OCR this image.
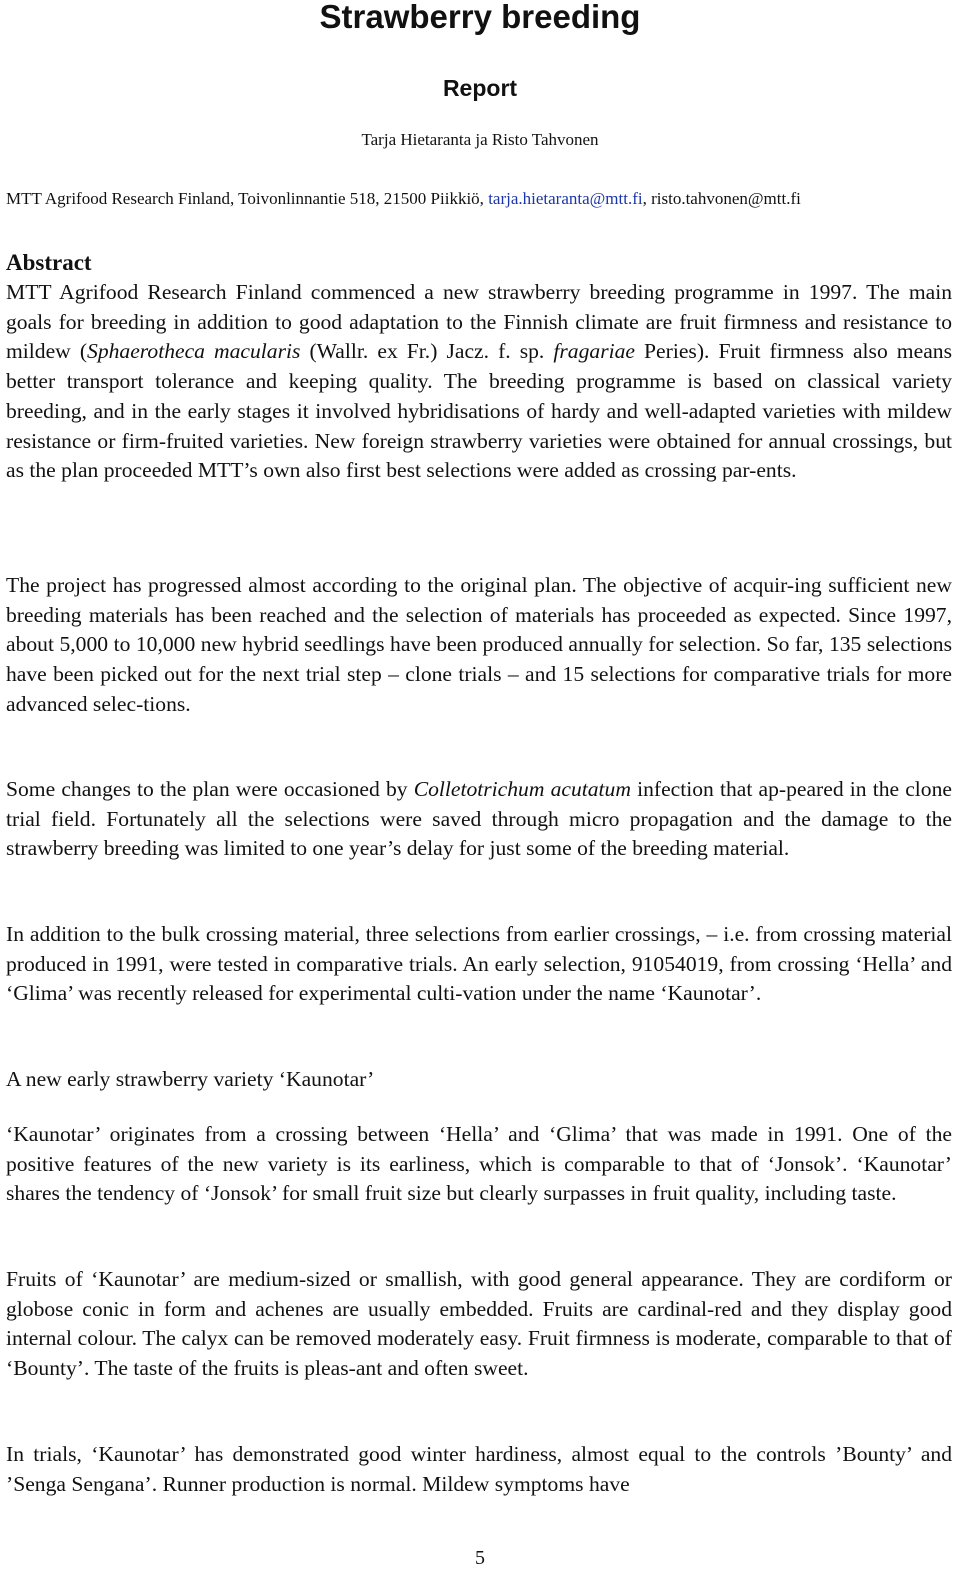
Strawberry breeding
Report
Tarja Hietaranta ja Risto Tahvonen
MTT Agrifood Research Finland, Toivonlinnantie 518, 21500 Piikkiö, tarja.hietaranta@mtt.fi, risto.tahvonen@mtt.fi
Abstract
MTT Agrifood Research Finland commenced a new strawberry breeding programme in 1997. The main goals for breeding in addition to good adaptation to the Finnish climate are fruit firmness and resistance to mildew (Sphaerotheca macularis (Wallr. ex Fr.) Jacz. f. sp. fragariae Peries). Fruit firmness also means better transport tolerance and keeping quality. The breeding programme is based on classical variety breeding, and in the early stages it involved hybridisations of hardy and well-adapted varieties with mildew resistance or firm-fruited varieties. New foreign strawberry varieties were obtained for annual crossings, but as the plan proceeded MTT’s own also first best selections were added as crossing par-ents.
The project has progressed almost according to the original plan. The objective of acquir-ing sufficient new breeding materials has been reached and the selection of materials has proceeded as expected. Since 1997, about 5,000 to 10,000 new hybrid seedlings have been produced annually for selection. So far, 135 selections have been picked out for the next trial step – clone trials – and 15 selections for comparative trials for more advanced selec-tions.
Some changes to the plan were occasioned by Colletotrichum acutatum infection that ap-peared in the clone trial field. Fortunately all the selections were saved through micro propagation and the damage to the strawberry breeding was limited to one year’s delay for just some of the breeding material.
In addition to the bulk crossing material, three selections from earlier crossings, – i.e. from crossing material produced in 1991, were tested in comparative trials. An early selection, 91054019, from crossing ‘Hella’ and ‘Glima’ was recently released for experimental culti-vation under the name ‘Kaunotar’.
A new early strawberry variety ‘Kaunotar’
‘Kaunotar’ originates from a crossing between ‘Hella’ and ‘Glima’ that was made in 1991. One of the positive features of the new variety is its earliness, which is comparable to that of ‘Jonsok’. ‘Kaunotar’ shares the tendency of ‘Jonsok’ for small fruit size but clearly surpasses in fruit quality, including taste.
Fruits of ‘Kaunotar’ are medium-sized or smallish, with good general appearance. They are cordiform or globose conic in form and achenes are usually embedded. Fruits are cardinal-red and they display good internal colour. The calyx can be removed moderately easy. Fruit firmness is moderate, comparable to that of ‘Bounty’. The taste of the fruits is pleas-ant and often sweet.
In trials, ‘Kaunotar’ has demonstrated good winter hardiness, almost equal to the controls ’Bounty’ and ’Senga Sengana’. Runner production is normal. Mildew symptoms have
5
